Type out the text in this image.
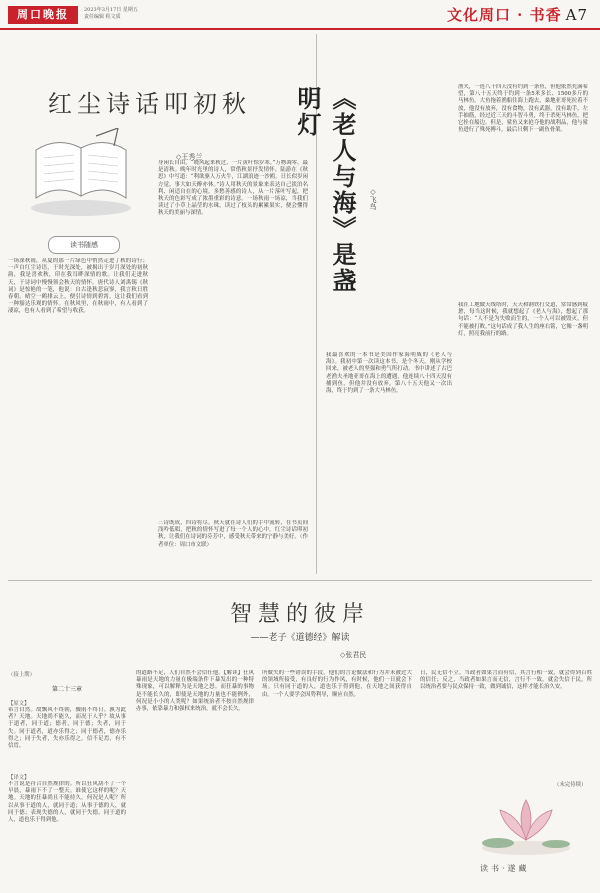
周口晚报	2023年3月17日 星期五
责任编辑 程文质	文化周口 · 书香 A7
红尘诗话叩初秋
◇王秀兰
读书随感
一场深秋雨，从夏的那一片绿色中悄然走进了秋的诗行；一声自红尘诗语，于时光深处，被揭出于岁月深处的初秋韵，我是喜欢秋，印在我耳畔深情的歌。让我们走进秋天，于诗词中慢慢领会秋天的情怀。唐代诗人刘禹锡《秋词》是惊艳的一笔，他说：自古逢秋悲寂寥，我言秋日胜春朝。晴空一鹤排云上，便引诗情到碧霄。这让我们看到一种豁达乐观的情怀。在秋风里，在秋雨中，有人看到了凄凉，也有人看到了希望与收获。
身闲长自由。“晓风起来秋过，一片黄叶惊岁寒。”万物凋零，最是清秋。晚年时光里的诗人，常借秋景抒发情怀。陆游在《秋思》中写道：“利欲驱人万火牛，江湖浪迹一沙鸥。日长似岁闲方觉，事大如天醉亦休。”诗人用秋天的景象来表达自己淡泊名利、闲适自在的心境。多愁善感的诗人，从一片落叶写起，把秋天的色彩写成了浓墨重彩的诗意。一场秋雨一场凉，当我们读过了小草上晶莹的水珠，读过了枝头的累累果实，便会懂得秋天的美丽与深情。
三诗既成，四诗将尽。秋天就在诗人们的手中流转，在书页间浅吟低唱，把秋的情怀写进了每一个人的心中。红尘诗话叩初秋，让我们在诗词的芬芳中，感受秋天带来的宁静与美好。（作者单位：周口市文联）
《老人与海》是盏明灯
◇飞鸟
我最喜欢的一本书是美国作家海明威的《老人与海》。我初中第一次读这本书，是个冬天，刚从学校回来，被老人的坚强和勇气所打动。书中讲述了古巴老渔夫圣地亚哥在海上的遭遇，他连续八十四天没有捕到鱼，但他并没有放弃，第八十五天他又一次出海，终于钓到了一条大马林鱼。
渔夫，一连八十四天没有钓到一条鱼，但他依然充满希望，第八十五天终于钓到一条5米多长、1500多斤的马林鱼。大鱼拖着渔船往海上跑去，桑地亚哥死拉着不放，他没有放弃，没有食物，没有武器，没有助手，左手抽筋，经过近三天的斗智斗勇，终于杀死马林鱼，把它拴在船边。但是，鲨鱼又来抢夺他的战利品，他与鲨鱼进行了殊死搏斗，最后只剩下一副鱼骨架。
我在工地做天线塔时，天天和钢铁打交道，常常感到疲惫，每当这时候，我就想起了《老人与海》，想起了那句话：“人不是为失败而生的，一个人可以被毁灭，但不能被打败。”这句话成了我人生的座右铭，它像一盏明灯，照亮我前行的路。
智慧的彼岸
——老子《道德经》解读
◇张君民
（接上期）
第二十三章
【原文】
希言自然。故飘风不终朝，骤雨不终日。孰为此者？天地。天地尚不能久，而况于人乎？故从事于道者，同于道；德者，同于德；失者，同于失。同于道者，道亦乐得之；同于德者，德亦乐得之；同于失者，失亦乐得之。信不足焉，有不信焉。
【译文】
不言说是符合自然规律的。所以狂风刮不了一个早晨，暴雨下不了一整天。谁使它这样的呢？天地。天地的狂暴尚且不能持久，何况是人呢？所以从事于道的人，就同于道；从事于德的人，就同于德；表现失德的人，就同于失德。同于道的人，道也乐于得到他。
的道路不足，人们自然不会信任他。【解读】狂风暴雨是天地的力量在极端条件下暴发出的一种特殊现象，可以解释为是天地之怒。而狂暴的事物是不能长久的，即使是天地的力量也不能例外，何况是小小的人类呢？如果统治者不按自然规律办事，依靠暴力和强权来统治，就不会长久。
所做失的一些错误的手段，他们的言论做法和行为并未被过大的领域所接受，有良好的行为作风，有时候，他们一日就会下场。只有同于道的人，道也乐于得到他，在天地之间获得自由。一个人要学会因势利导，顺应自然。
日，民无信不立。当政者如果言而有信，其言行相一致，就会得到百姓的信任；反之，当政者如果言而无信，言行不一致，就会失信于民。所以统治者要与民众保持一致，做到诚信，这样才能长治久安。
（未完待续）
读书·遂藏
